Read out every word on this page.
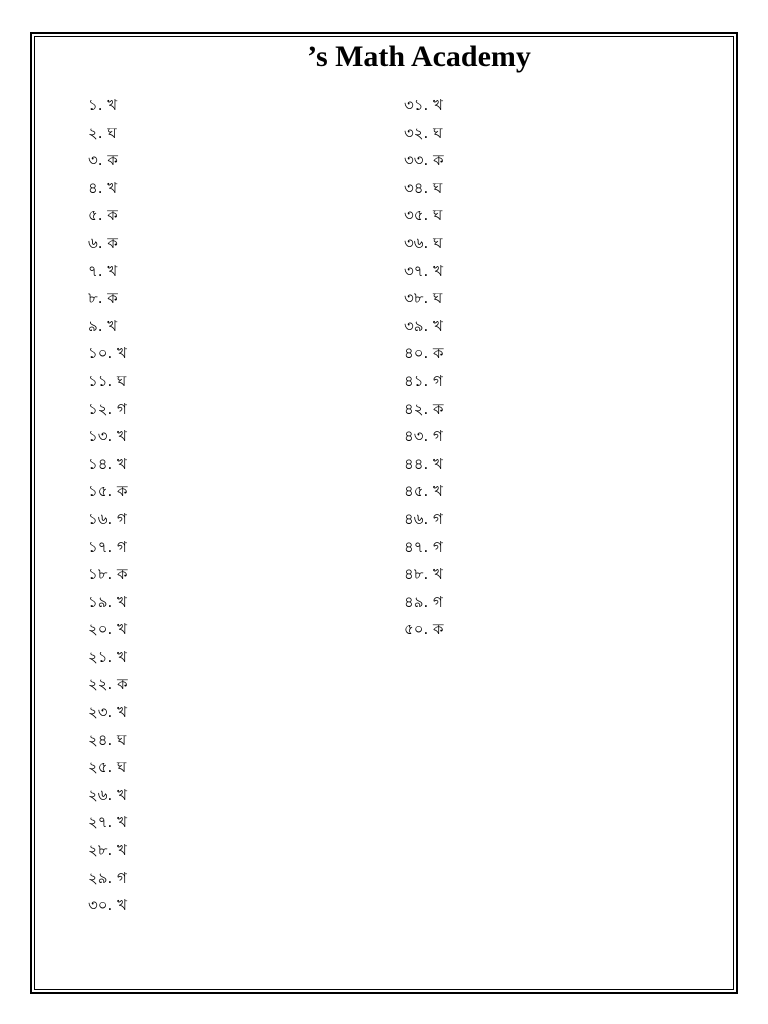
’s Math Academy
১. খ
২. ঘ
৩. ক
৪. খ
৫. ক
৬. ক
৭. খ
৮. ক
৯. খ
১০. খ
১১. ঘ
১২. গ
১৩. খ
১৪. খ
১৫. ক
১৬. গ
১৭. গ
১৮. ক
১৯. খ
২০. খ
২১. খ
২২. ক
২৩. খ
২৪. ঘ
২৫. ঘ
২৬. খ
২৭. খ
২৮. খ
২৯. গ
৩০. খ
৩১. খ
৩২. ঘ
৩৩. ক
৩৪. ঘ
৩৫. ঘ
৩৬. ঘ
৩৭. খ
৩৮. ঘ
৩৯. খ
৪০. ক
৪১. গ
৪২. ক
৪৩. গ
৪৪. খ
৪৫. খ
৪৬. গ
৪৭. গ
৪৮. খ
৪৯. গ
৫০. ক
